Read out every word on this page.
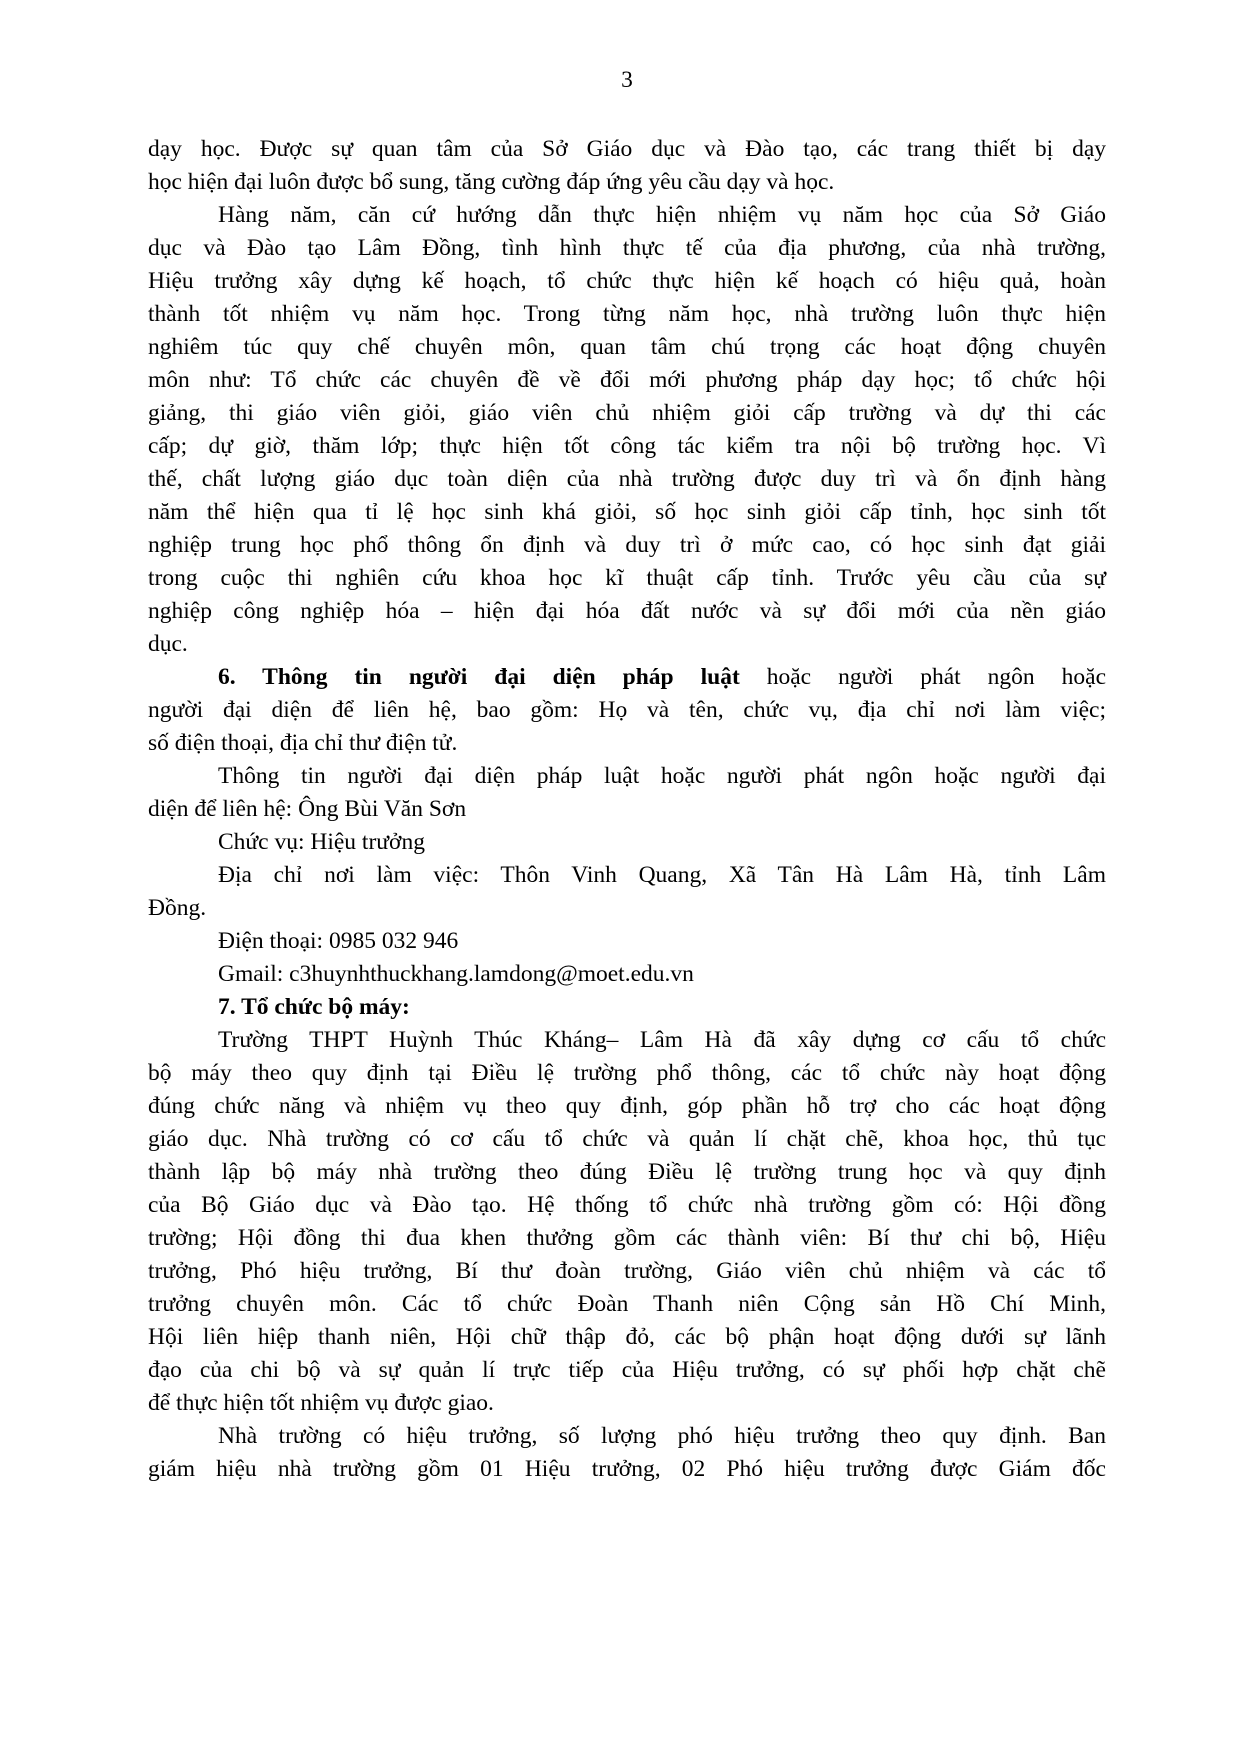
3

dạy học. Được sự quan tâm của Sở Giáo dục và Đào tạo, các trang thiết bị dạy
học hiện đại luôn được bổ sung, tăng cường đáp ứng yêu cầu dạy và học.

Hàng năm, căn cứ hướng dẫn thực hiện nhiệm vụ năm học của Sở Giáo
dục và Đào tạo Lâm Đồng, tình hình thực tế của địa phương, của nhà trường,
Hiệu trưởng xây dựng kế hoạch, tổ chức thực hiện kế hoạch có hiệu quả, hoàn
thành tốt nhiệm vụ năm học. Trong từng năm học, nhà trường luôn thực hiện
nghiêm túc quy chế chuyên môn, quan tâm chú trọng các hoạt động chuyên
môn như: Tổ chức các chuyên đề về đổi mới phương pháp dạy học; tổ chức hội
giảng, thi giáo viên giỏi, giáo viên chủ nhiệm giỏi cấp trường và dự thi các
cấp; dự giờ, thăm lớp; thực hiện tốt công tác kiểm tra nội bộ trường học. Vì
thế, chất lượng giáo dục toàn diện của nhà trường được duy trì và ổn định hàng
năm thể hiện qua tỉ lệ học sinh khá giỏi, số học sinh giỏi cấp tỉnh, học sinh tốt
nghiệp trung học phổ thông ổn định và duy trì ở mức cao, có học sinh đạt giải
trong cuộc thi nghiên cứu khoa học kĩ thuật cấp tỉnh. Trước yêu cầu của sự
nghiệp công nghiệp hóa – hiện đại hóa đất nước và sự đổi mới của nền giáo
dục.

6. Thông tin người đại diện pháp luật hoặc người phát ngôn hoặc
người đại diện để liên hệ, bao gồm: Họ và tên, chức vụ, địa chỉ nơi làm việc;
số điện thoại, địa chỉ thư điện tử.

Thông tin người đại diện pháp luật hoặc người phát ngôn hoặc người đại
diện để liên hệ: Ông Bùi Văn Sơn

Chức vụ: Hiệu trưởng

Địa chỉ nơi làm việc: Thôn Vinh Quang, Xã Tân Hà Lâm Hà, tỉnh Lâm
Đồng.

Điện thoại: 0985 032 946

Gmail: c3huynhthuckhang.lamdong@moet.edu.vn

7. Tổ chức bộ máy:

Trường THPT Huỳnh Thúc Kháng– Lâm Hà đã xây dựng cơ cấu tổ chức
bộ máy theo quy định tại Điều lệ trường phổ thông, các tổ chức này hoạt động
đúng chức năng và nhiệm vụ theo quy định, góp phần hỗ trợ cho các hoạt động
giáo dục. Nhà trường có cơ cấu tổ chức và quản lí chặt chẽ, khoa học, thủ tục
thành lập bộ máy nhà trường theo đúng Điều lệ trường trung học và quy định
của Bộ Giáo dục và Đào tạo. Hệ thống tổ chức nhà trường gồm có: Hội đồng
trường; Hội đồng thi đua khen thưởng gồm các thành viên: Bí thư chi bộ, Hiệu
trưởng, Phó hiệu trưởng, Bí thư đoàn trường, Giáo viên chủ nhiệm và các tổ
trưởng chuyên môn. Các tổ chức Đoàn Thanh niên Cộng sản Hồ Chí Minh,
Hội liên hiệp thanh niên, Hội chữ thập đỏ, các bộ phận hoạt động dưới sự lãnh
đạo của chi bộ và sự quản lí trực tiếp của Hiệu trưởng, có sự phối hợp chặt chẽ
để thực hiện tốt nhiệm vụ được giao.

Nhà trường có hiệu trưởng, số lượng phó hiệu trưởng theo quy định. Ban
giám hiệu nhà trường gồm 01 Hiệu trưởng, 02 Phó hiệu trưởng được Giám đốc
